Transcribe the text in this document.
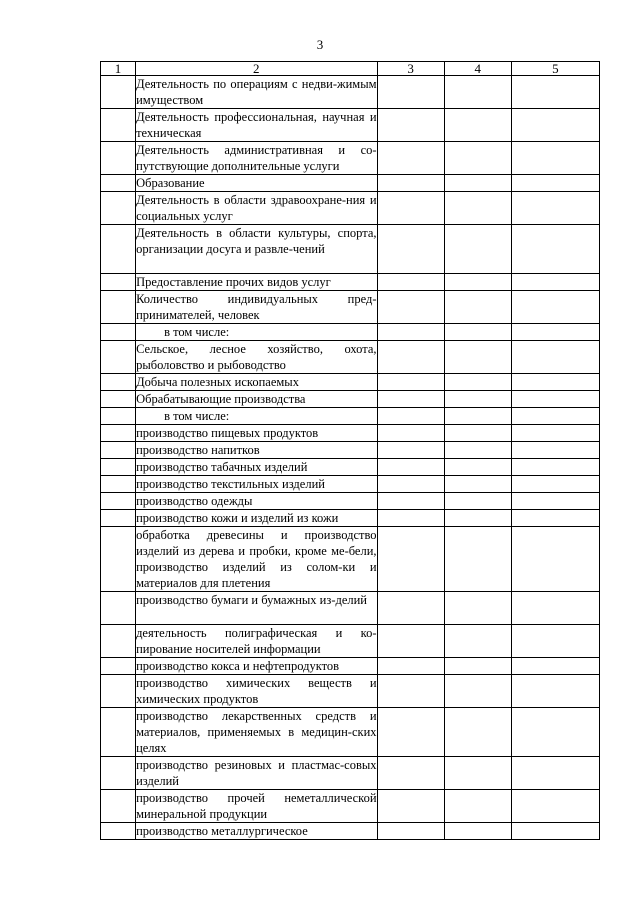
3
1	2	3	4	5
	Деятельность по операциям с недви-жимым имуществом			
	Деятельность профессиональная, научная и техническая			
	Деятельность административная и со-путствующие дополнительные услуги			
	Образование			
	Деятельность в области здравоохране-ния и социальных услуг			
	Деятельность в области культуры, спорта, организации досуга и развле-чений			
	Предоставление прочих видов услуг			
	Количество индивидуальных пред-принимателей, человек			
	в том числе:			
	Сельское, лесное хозяйство, охота, рыболовство и рыбоводство			
	Добыча полезных ископаемых			
	Обрабатывающие производства			
	в том числе:			
	производство пищевых продуктов			
	производство напитков			
	производство табачных изделий			
	производство текстильных изделий			
	производство одежды			
	производство кожи и изделий из кожи			
	обработка древесины и производство изделий из дерева и пробки, кроме ме-бели, производство изделий из солом-ки и материалов для плетения			
	производство бумаги и бумажных из-делий			
	деятельность полиграфическая и ко-пирование носителей информации			
	производство кокса и нефтепродуктов			
	производство химических веществ и химических продуктов			
	производство лекарственных средств и материалов, применяемых в медицин-ских целях			
	производство резиновых и пластмас-совых изделий			
	производство прочей неметаллической минеральной продукции			
	производство металлургическое			
